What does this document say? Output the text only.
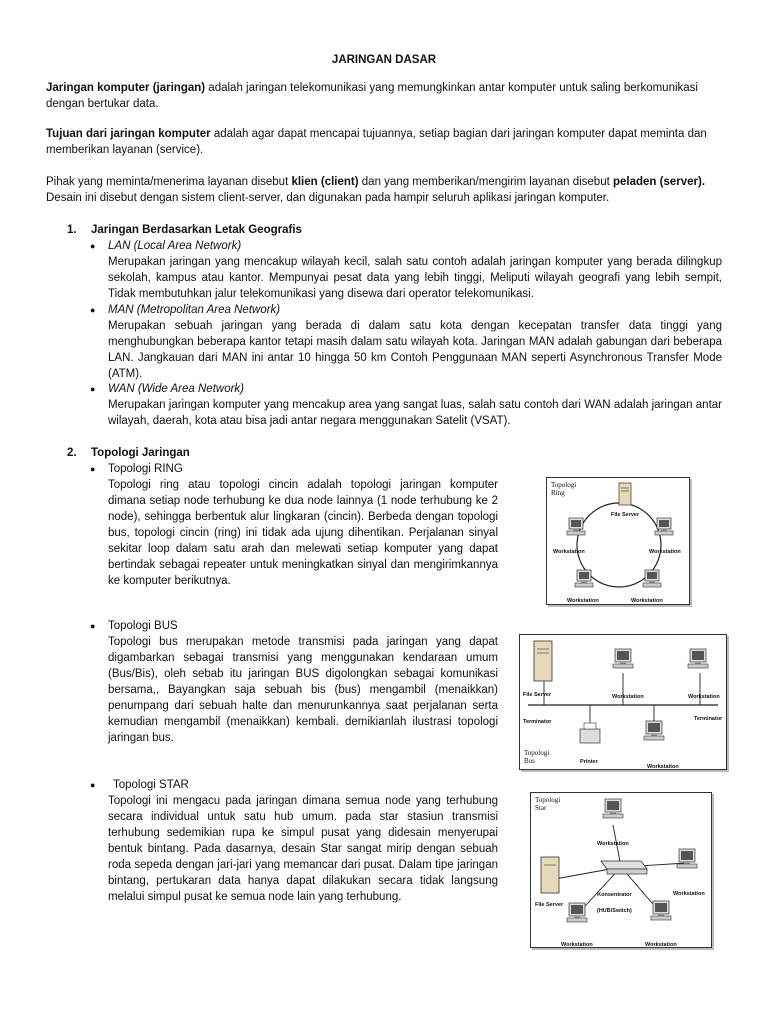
JARINGAN DASAR
Jaringan komputer (jaringan) adalah jaringan telekomunikasi yang memungkinkan antar komputer untuk saling berkomunikasi
dengan bertukar data.
Tujuan dari jaringan komputer adalah agar dapat mencapai tujuannya, setiap bagian dari jaringan komputer dapat meminta dan
memberikan layanan (service).
Pihak yang meminta/menerima layanan disebut klien (client) dan yang memberikan/mengirim layanan disebut peladen (server).
Desain ini disebut dengan sistem client-server, dan digunakan pada hampir seluruh aplikasi jaringan komputer.
1. Jaringan Berdasarkan Letak Geografis
● LAN (Local Area Network)
Merupakan jaringan yang mencakup wilayah kecil, salah satu contoh adalah jaringan komputer yang berada dilingkup
sekolah, kampus atau kantor. Mempunyai pesat data yang lebih tinggi, Meliputi wilayah geografi yang lebih sempit,
Tidak membutuhkan jalur telekomunikasi yang disewa dari operator telekomunikasi.
● MAN (Metropolitan Area Network)
Merupakan sebuah jaringan yang berada di dalam satu kota dengan kecepatan transfer data tinggi yang
menghubungkan beberapa kantor tetapi masih dalam satu wilayah kota. Jaringan MAN adalah gabungan dari beberapa
LAN. Jangkauan dari MAN ini antar 10 hingga 50 km Contoh Penggunaan MAN seperti Asynchronous Transfer Mode
(ATM).
● WAN (Wide Area Network)
Merupakan jaringan komputer yang mencakup area yang sangat luas, salah satu contoh dari WAN adalah jaringan antar
wilayah, daerah, kota atau bisa jadi antar negara menggunakan Satelit (VSAT).
2. Topologi Jaringan
● Topologi RING
Topologi ring atau topologi cincin adalah topologi jaringan komputer
dimana setiap node terhubung ke dua node lainnya (1 node terhubung ke 2
node), sehingga berbentuk alur lingkaran (cincin). Berbeda dengan topologi
bus, topologi cincin (ring) ini tidak ada ujung dihentikan. Perjalanan sinyal
sekitar loop dalam satu arah dan melewati setiap komputer yang dapat
bertindak sebagai repeater untuk meningkatkan sinyal dan mengirimkannya
ke komputer berikutnya.
Topologi
Ring
File Server
Workstation	Workstation
Workstation	Workstation
● Topologi BUS
Topologi bus merupakan metode transmisi pada jaringan yang dapat
digambarkan sebagai transmisi yang menggunakan kendaraan umum
(Bus/Bis), oleh sebab itu jaringan BUS digolongkan sebagai komunikasi
bersama,, Bayangkan saja sebuah bis (bus) mengambil (menaikkan)
penumpang dari sebuah halte dan menurunkannya saat perjalanan serta
kemudian mengambil (menaikkan) kembali. demikianlah ilustrasi topologi
jaringan bus.
File Server	Workstation	Workstation
Terminator	Terminator
Printer
Workstation
Topologi
Bus
● Topologi STAR
Topologi ini mengacu pada jaringan dimana semua node yang terhubung
secara individual untuk satu hub umum. pada star stasiun transmisi
terhubung sedemikian rupa ke simpul pusat yang didesain menyerupai
bentuk bintang. Pada dasarnya, desain Star sangat mirip dengan sebuah
roda sepeda dengan jari-jari yang memancar dari pusat. Dalam tipe jaringan
bintang, pertukaran data hanya dapat dilakukan secara tidak langsung
melalui simpul pusat ke semua node lain yang terhubung.
Topologi
Star
Workstation
Workstation
File Server
Konsentrator
(HUB/Switch)
Workstation	Workstation
